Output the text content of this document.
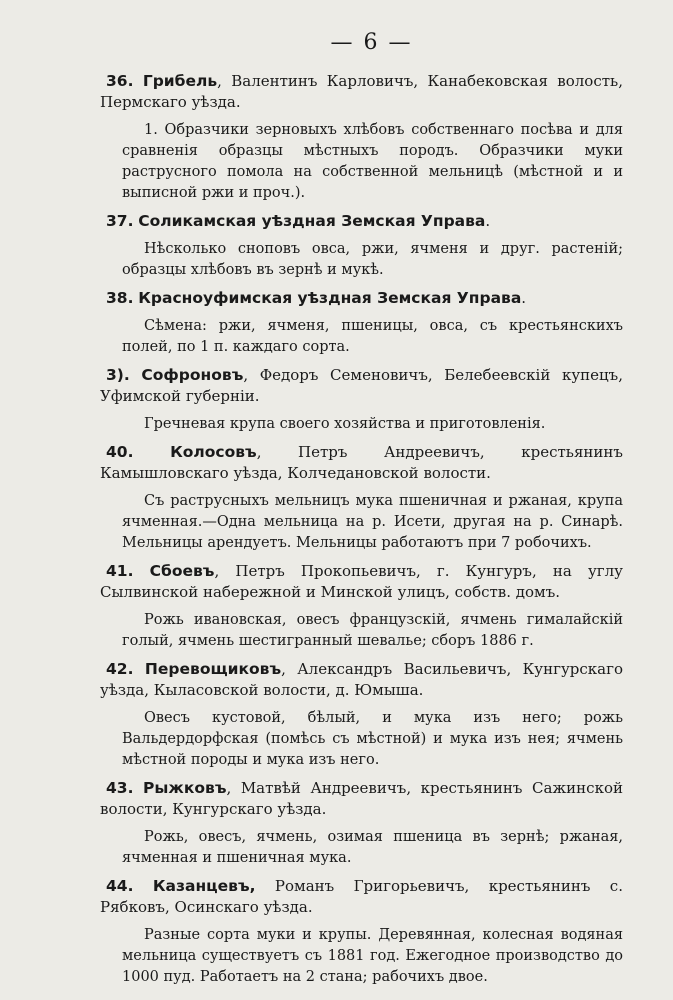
— 6 —
36. Грибель, Валентинъ Карловичъ, Канабековская волость, Пермскаго уѣзда.
1. Образчики зерновыхъ хлѣбовъ собственнаго посѣва и для сравненія образцы мѣстныхъ породъ. Образчики муки раструсного помола на собственной мельницѣ (мѣстной и и выписной ржи и проч.).
37. Соликамская уѣздная Земская Управа.
Нѣсколько сноповъ овса, ржи, ячменя и друг. растеній; образцы хлѣбовъ въ зернѣ и мукѣ.
38. Красноуфимская уѣздная Земская Управа.
Сѣмена: ржи, ячменя, пшеницы, овса, съ крестьянскихъ полей, по 1 п. каждаго сорта.
3). Софроновъ, Федоръ Семеновичъ, Белебеевскій купецъ, Уфимской губерніи.
Гречневая крупа своего хозяйства и приготовленія.
40. Колосовъ, Петръ Андреевичъ, крестьянинъ Камышловскаго уѣзда, Колчедановской волости.
Съ раструсныхъ мельницъ мука пшеничная и ржаная, крупа ячменная.—Одна мельница на р. Исети, другая на р. Синарѣ. Мельницы арендуетъ. Мельницы работаютъ при 7 робочихъ.
41. Сбоевъ, Петръ Прокопьевичъ, г. Кунгуръ, на углу Сылвинской набережной и Минской улицъ, собств. домъ.
Рожь ивановская, овесъ французскій, ячмень гималайскій голый, ячмень шестигранный шевалье; сборъ 1886 г.
42. Перевощиковъ, Александръ Васильевичъ, Кунгурскаго уѣзда, Кыласовской волости, д. Юмыша.
Овесъ кустовой, бѣлый, и мука изъ него; рожь Вальдердорфская (помѣсь съ мѣстной) и мука изъ нея; ячмень мѣстной породы и мука изъ него.
43. Рыжковъ, Матвѣй Андреевичъ, крестьянинъ Сажинской волости, Кунгурскаго уѣзда.
Рожь, овесъ, ячмень, озимая пшеница въ зернѣ; ржаная, ячменная и пшеничная мука.
44. Казанцевъ, Романъ Григорьевичъ, крестьянинъ с. Рябковъ, Осинскаго уѣзда.
Разные сорта муки и крупы. Деревянная, колесная водяная мельница существуетъ съ 1881 год. Ежегодное производство до 1000 пуд. Работаетъ на 2 стана; рабочихъ двое.
